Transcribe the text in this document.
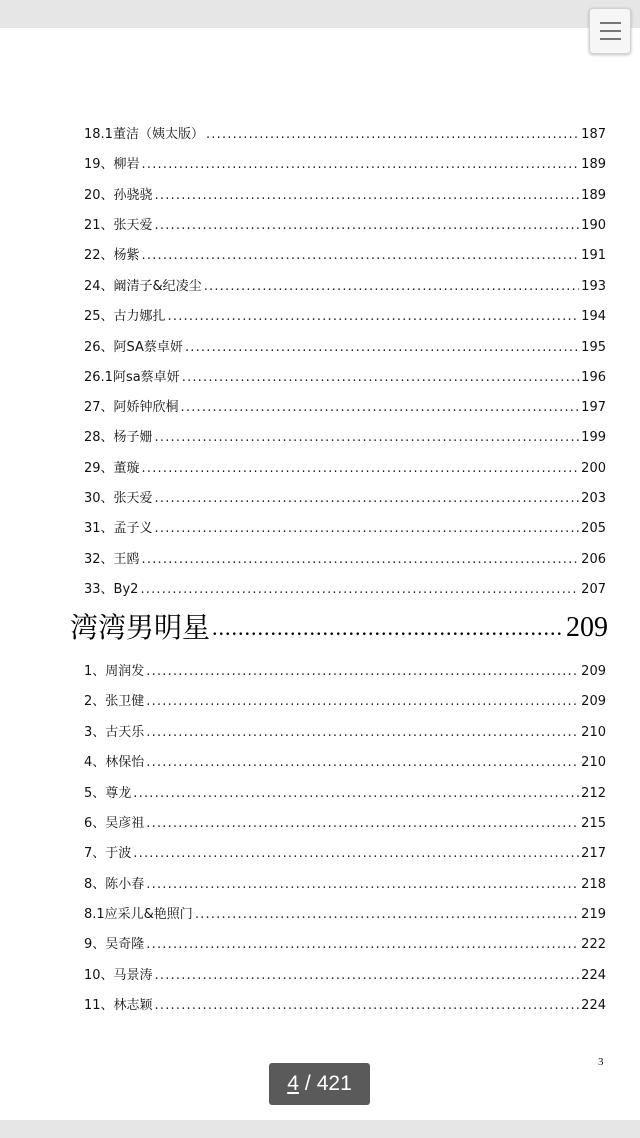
18.1董洁（姨太版） .....	187
19、柳岩 .....	189
20、孙骁骁 .....	189
21、张天爱 .....	190
22、杨紫 .....	191
24、阚清子&纪凌尘 .....	193
25、古力娜扎 .....	194
26、阿SA蔡卓妍 .....	195
26.1阿sa蔡卓妍 .....	196
27、阿娇钟欣桐 .....	197
28、杨子姗 .....	199
29、董璇 .....	200
30、张天爱 .....	203
31、孟子义 .....	205
32、王鸥 .....	206
33、By2 .....	207
湾湾男明星 .....	209
1、周润发 .....	209
2、张卫健 .....	209
3、古天乐 .....	210
4、林保怡 .....	210
5、尊龙 .....	212
6、吴彦祖 .....	215
7、于波 .....	217
8、陈小春 .....	218
8.1应采儿&艳照门 .....	219
9、吴奇隆 .....	222
10、马景涛 .....	224
11、林志颖 .....	224
3
4 / 421
